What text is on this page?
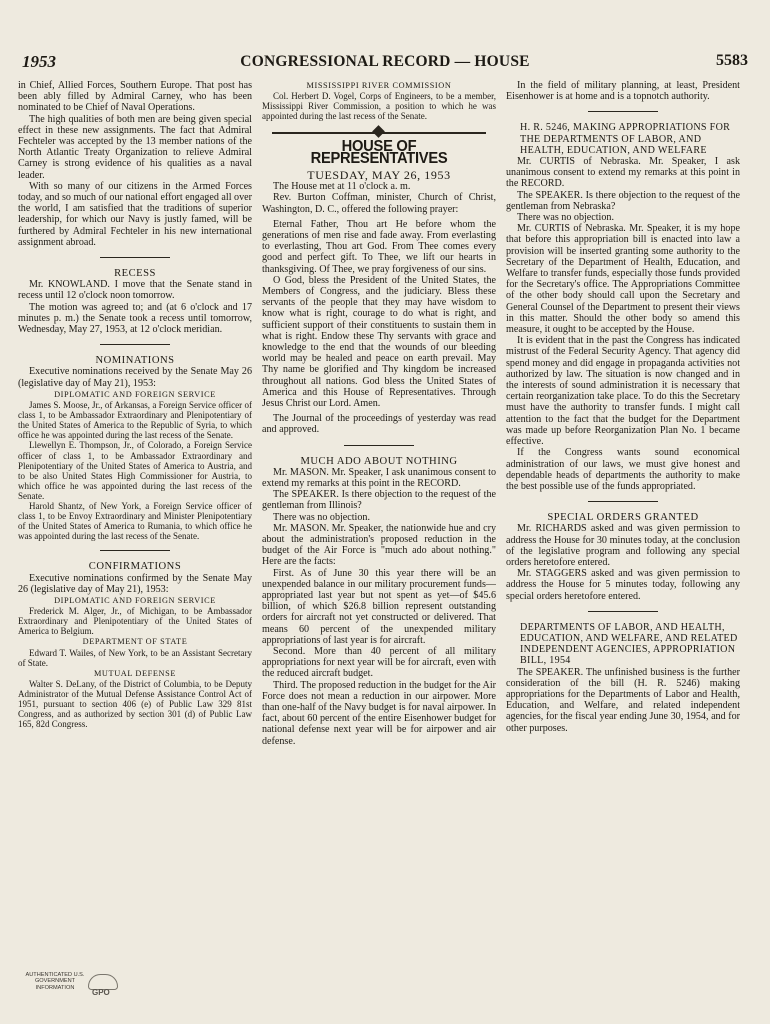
1953	CONGRESSIONAL RECORD — HOUSE	5583

in Chief, Allied Forces, Southern Europe. That post has been ably filled by Admiral Carney, who has been nominated to be Chief of Naval Operations.

The high qualities of both men are being given special effect in these new assignments. The fact that Admiral Fechteler was accepted by the 13 member nations of the North Atlantic Treaty Organization to relieve Admiral Carney is strong evidence of his qualities as a naval leader.

With so many of our citizens in the Armed Forces today, and so much of our national effort engaged all over the world, I am satisfied that the traditions of superior leadership, for which our Navy is justly famed, will be furthered by Admiral Fechteler in his new international assignment abroad.

RECESS

Mr. KNOWLAND. I move that the Senate stand in recess until 12 o'clock noon tomorrow.

The motion was agreed to; and (at 6 o'clock and 17 minutes p. m.) the Senate took a recess until tomorrow, Wednesday, May 27, 1953, at 12 o'clock meridian.

NOMINATIONS

Executive nominations received by the Senate May 26 (legislative day of May 21), 1953:

DIPLOMATIC AND FOREIGN SERVICE

James S. Moose, Jr., of Arkansas, a Foreign Service officer of class 1, to be Ambassador Extraordinary and Plenipotentiary of the United States of America to the Republic of Syria, to which office he was appointed during the last recess of the Senate.

Llewellyn E. Thompson, Jr., of Colorado, a Foreign Service officer of class 1, to be Ambassador Extraordinary and Plenipotentiary of the United States of America to Austria, and to be also United States High Commissioner for Austria, to which office he was appointed during the last recess of the Senate.

Harold Shantz, of New York, a Foreign Service officer of class 1, to be Envoy Extraordinary and Minister Plenipotentiary of the United States of America to Rumania, to which office he was appointed during the last recess of the Senate.

CONFIRMATIONS

Executive nominations confirmed by the Senate May 26 (legislative day of May 21), 1953:

DIPLOMATIC AND FOREIGN SERVICE

Frederick M. Alger, Jr., of Michigan, to be Ambassador Extraordinary and Plenipotentiary of the United States of America to Belgium.

DEPARTMENT OF STATE

Edward T. Wailes, of New York, to be an Assistant Secretary of State.

MUTUAL DEFENSE

Walter S. DeLany, of the District of Columbia, to be Deputy Administrator of the Mutual Defense Assistance Control Act of 1951, pursuant to section 406 (e) of Public Law 329 81st Congress, and as authorized by section 301 (d) of Public Law 165, 82d Congress.

MISSISSIPPI RIVER COMMISSION

Col. Herbert D. Vogel, Corps of Engineers, to be a member, Mississippi River Commission, a position to which he was appointed during the last recess of the Senate.

HOUSE OF REPRESENTATIVES

TUESDAY, MAY 26, 1953

The House met at 11 o'clock a. m.

Rev. Burton Coffman, minister, Church of Christ, Washington, D. C., offered the following prayer:

Eternal Father, Thou art He before whom the generations of men rise and fade away. From everlasting to everlasting, Thou art God. From Thee comes every good and perfect gift. To Thee, we lift our hearts in thanksgiving. Of Thee, we pray forgiveness of our sins.

O God, bless the President of the United States, the Members of Congress, and the judiciary. Bless these servants of the people that they may have wisdom to know what is right, courage to do what is right, and sufficient support of their constituents to sustain them in what is right. Endow these Thy servants with grace and knowledge to the end that the wounds of our bleeding world may be healed and peace on earth prevail. May Thy name be glorified and Thy kingdom be increased throughout all nations. God bless the United States of America and this House of Representatives. Through Jesus Christ our Lord. Amen.

The Journal of the proceedings of yesterday was read and approved.

MUCH ADO ABOUT NOTHING

Mr. MASON. Mr. Speaker, I ask unanimous consent to extend my remarks at this point in the RECORD.

The SPEAKER. Is there objection to the request of the gentleman from Illinois?

There was no objection.

Mr. MASON. Mr. Speaker, the nationwide hue and cry about the administration's proposed reduction in the budget of the Air Force is "much ado about nothing." Here are the facts:

First. As of June 30 this year there will be an unexpended balance in our military procurement funds—appropriated last year but not spent as yet—of $45.6 billion, of which $26.8 billion represent outstanding orders for aircraft not yet constructed or delivered. That means 60 percent of the unexpended military appropriations of last year is for aircraft.

Second. More than 40 percent of all military appropriations for next year will be for aircraft, even with the reduced aircraft budget.

Third. The proposed reduction in the budget for the Air Force does not mean a reduction in our airpower. More than one-half of the Navy budget is for naval airpower. In fact, about 60 percent of the entire Eisenhower budget for national defense next year will be for airpower and air defense.

In the field of military planning, at least, President Eisenhower is at home and is a topnotch authority.

H. R. 5246, MAKING APPROPRIATIONS FOR THE DEPARTMENTS OF LABOR, AND HEALTH, EDUCATION, AND WELFARE

Mr. CURTIS of Nebraska. Mr. Speaker, I ask unanimous consent to extend my remarks at this point in the RECORD.

The SPEAKER. Is there objection to the request of the gentleman from Nebraska?

There was no objection.

Mr. CURTIS of Nebraska. Mr. Speaker, it is my hope that before this appropriation bill is enacted into law a provision will be inserted granting some authority to the Secretary of the Department of Health, Education, and Welfare to transfer funds, especially those funds provided for the Secretary's office. The Appropriations Committee of the other body should call upon the Secretary and General Counsel of the Department to present their views in this matter. Should the other body so amend this measure, it ought to be accepted by the House.

It is evident that in the past the Congress has indicated mistrust of the Federal Security Agency. That agency did spend money and did engage in propaganda activities not authorized by law. The situation is now changed and in the interests of sound administration it is necessary that certain reorganization take place. To do this the Secretary must have the authority to transfer funds. I might call attention to the fact that the budget for the Department was made up before Reorganization Plan No. 1 became effective.

If the Congress wants sound economical administration of our laws, we must give honest and dependable heads of departments the authority to make the best possible use of the funds appropriated.

SPECIAL ORDERS GRANTED

Mr. RICHARDS asked and was given permission to address the House for 30 minutes today, at the conclusion of the legislative program and following any special orders heretofore entered.

Mr. STAGGERS asked and was given permission to address the House for 5 minutes today, following any special orders heretofore entered.

DEPARTMENTS OF LABOR, AND HEALTH, EDUCATION, AND WELFARE, AND RELATED INDEPENDENT AGENCIES, APPROPRIATION BILL, 1954

The SPEAKER. The unfinished business is the further consideration of the bill (H. R. 5246) making appropriations for the Departments of Labor and Health, Education, and Welfare, and related independent agencies, for the fiscal year ending June 30, 1954, and for other purposes.

AUTHENTICATED U.S. GOVERNMENT INFORMATION
GPO
